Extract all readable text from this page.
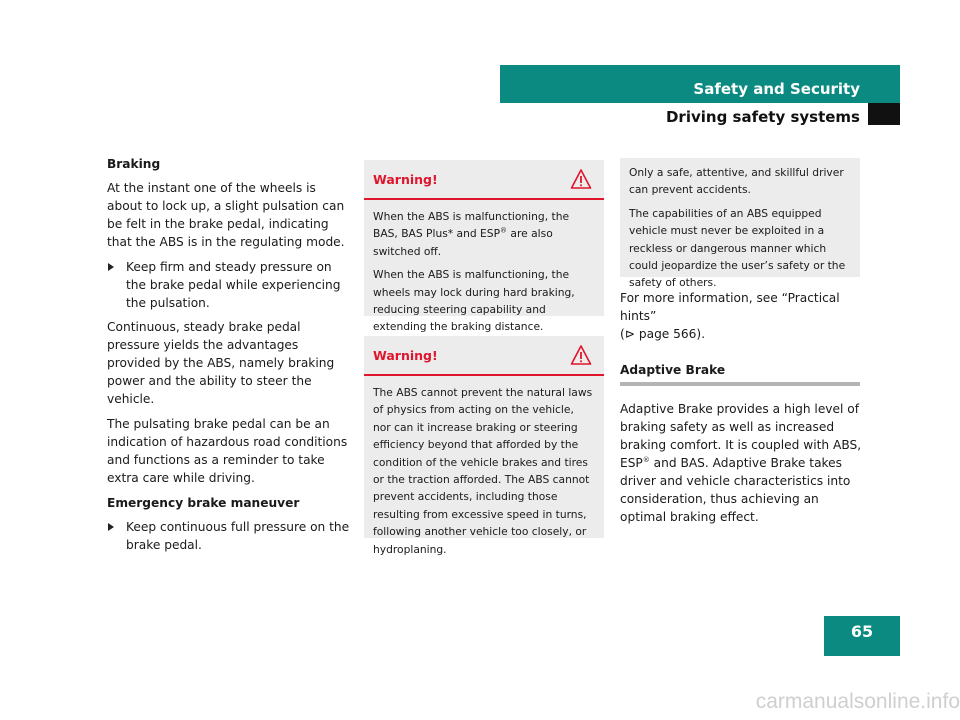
Safety and Security
Driving safety systems

Braking

At the instant one of the wheels is about to lock up, a slight pulsation can be felt in the brake pedal, indicating that the ABS is in the regulating mode.

Keep firm and steady pressure on the brake pedal while experiencing the pulsation.

Continuous, steady brake pedal pressure yields the advantages provided by the ABS, namely braking power and the ability to steer the vehicle.

The pulsating brake pedal can be an indication of hazardous road conditions and functions as a reminder to take extra care while driving.

Emergency brake maneuver

Keep continuous full pressure on the brake pedal.
Warning!

When the ABS is malfunctioning, the BAS, BAS Plus* and ESP® are also switched off.

When the ABS is malfunctioning, the wheels may lock during hard braking, reducing steering capability and extending the braking distance.

Warning!

The ABS cannot prevent the natural laws of physics from acting on the vehicle, nor can it increase braking or steering efficiency beyond that afforded by the condition of the vehicle brakes and tires or the traction afforded. The ABS cannot prevent accidents, including those resulting from excessive speed in turns, following another vehicle too closely, or hydroplaning.

Only a safe, attentive, and skillful driver can prevent accidents.

The capabilities of an ABS equipped vehicle must never be exploited in a reckless or dangerous manner which could jeopardize the user’s safety or the safety of others.

For more information, see “Practical hints”
(⊳ page 566).

Adaptive Brake

Adaptive Brake provides a high level of braking safety as well as increased braking comfort. It is coupled with ABS, ESP® and BAS. Adaptive Brake takes driver and vehicle characteristics into consideration, thus achieving an optimal braking effect.

65
carmanualsonline.info
